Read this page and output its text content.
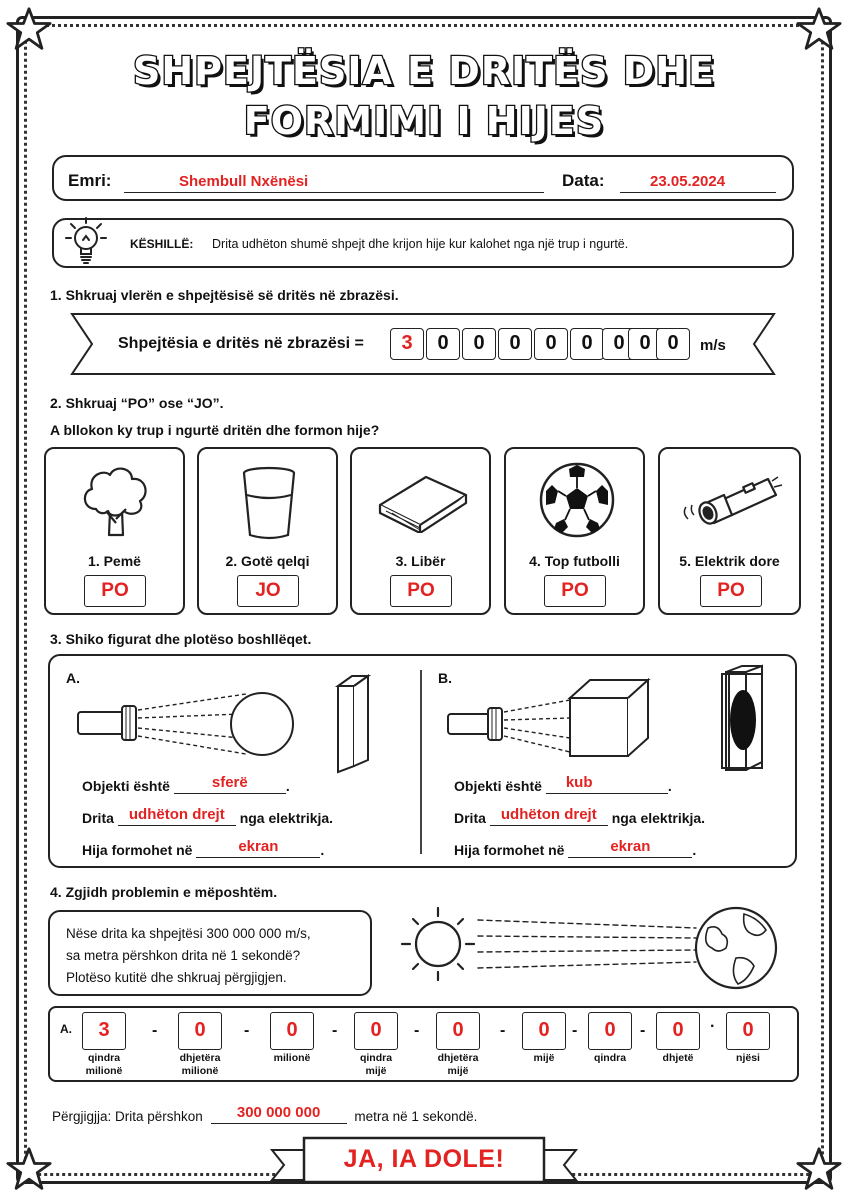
SHPEJTËSIA E DRITËS DHE
FORMIMI I HIJES
Emri:	Shembull Nxënësi	Data:	23.05.2024
KËSHILLË: Drita udhëton shumë shpejt dhe krijon hije kur kalohet nga një trup i ngurtë.
1. Shkruaj vlerën e shpejtësisë së dritës në zbrazësi.
Shpejtësia e dritës në zbrazësi =	3	0	0	0	0	0	0 0 0	m/s
2. Shkruaj “PO” ose “JO”.
A bllokon ky trup i ngurtë dritën dhe formon hije?
1. Pemë
PO
2. Gotë qelqi
JO
3. Libër
PO
4. Top futbolli
PO
5. Elektrik dore
PO
3. Shiko figurat dhe plotëso boshllëqet.
A.
Objekti është	sferë	.
Drita udhëton drejt	nga elektrikja.
Hija formohet në	ekran	.
B.
Objekti është	kub	.
Drita udhëton drejt	nga elektrikja.
Hija formohet në	ekran	.
4. Zgjidh problemin e mëposhtëm.
Nëse drita ka shpejtësi 300 000 000 m/s,
sa metra përshkon drita në 1 sekondë?
Plotëso kutitë dhe shkruaj përgjigjen.
A.	3
qindra
milionë
-	0
dhjetëra
milionë
-	0
milionë
-	0
qindra
mijë
-	0
dhjetëra
mijë
-	0
mijë
-	0
qindra
-	0
dhjetë
·	0
njësi
Përgjigjja: Drita përshkon	300 000 000	metra në 1 sekondë.
JA, IA DOLE!
